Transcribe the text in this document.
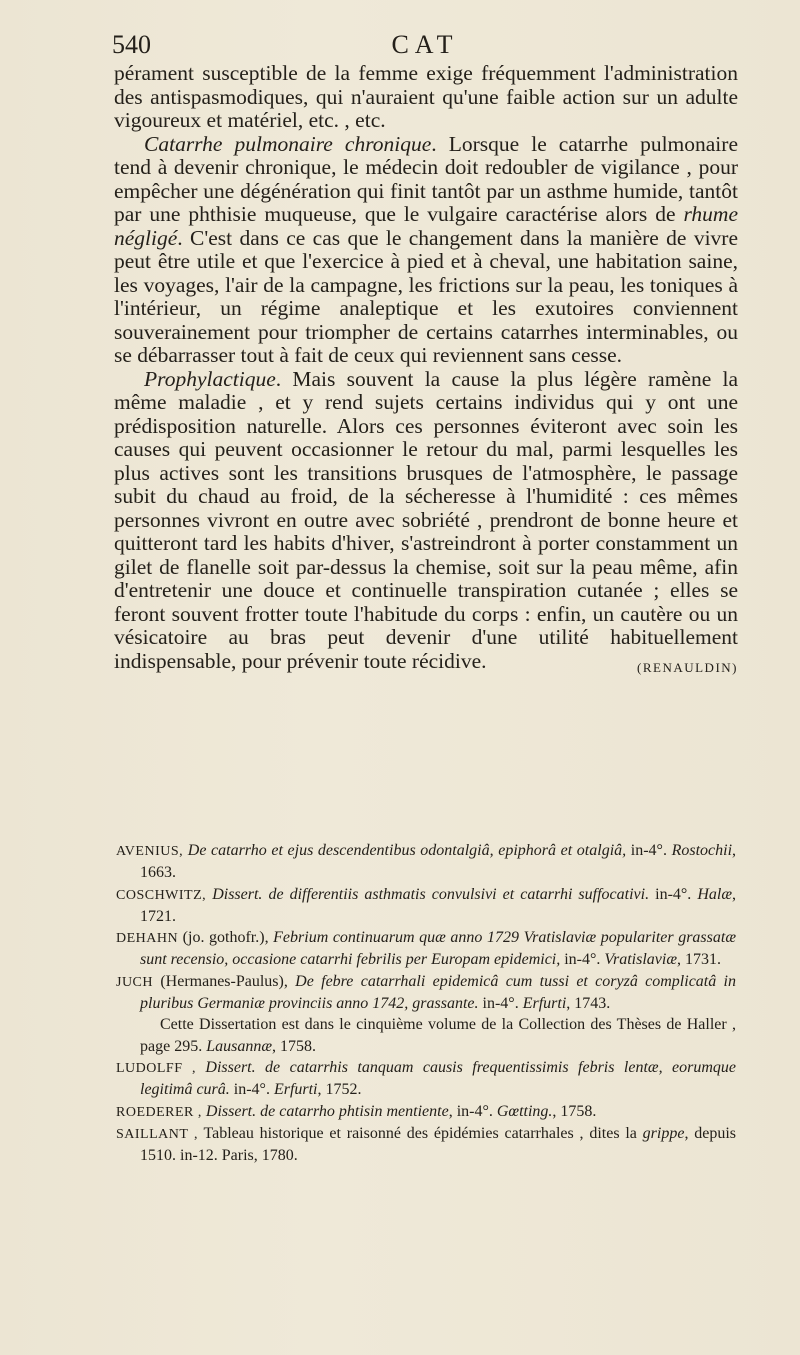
540	CAT

pérament susceptible de la femme exige fréquemment l'administration des antispasmodiques, qui n'auraient qu'une faible action sur un adulte vigoureux et matériel, etc. , etc.

Catarrhe pulmonaire chronique. Lorsque le catarrhe pulmonaire tend à devenir chronique, le médecin doit redoubler de vigilance , pour empêcher une dégénération qui finit tantôt par un asthme humide, tantôt par une phthisie muqueuse, que le vulgaire caractérise alors de rhume négligé. C'est dans ce cas que le changement dans la manière de vivre peut être utile et que l'exercice à pied et à cheval, une habitation saine, les voyages, l'air de la campagne, les frictions sur la peau, les toniques à l'intérieur, un régime analeptique et les exutoires conviennent souverainement pour triompher de certains catarrhes interminables, ou se débarrasser tout à fait de ceux qui reviennent sans cesse.

Prophylactique. Mais souvent la cause la plus légère ramène la même maladie , et y rend sujets certains individus qui y ont une prédisposition naturelle. Alors ces personnes éviteront avec soin les causes qui peuvent occasionner le retour du mal, parmi lesquelles les plus actives sont les transitions brusques de l'atmosphère, le passage subit du chaud au froid, de la sécheresse à l'humidité : ces mêmes personnes vivront en outre avec sobriété , prendront de bonne heure et quitteront tard les habits d'hiver, s'astreindront à porter constamment un gilet de flanelle soit par-dessus la chemise, soit sur la peau même, afin d'entretenir une douce et continuelle transpiration cutanée ; elles se feront souvent frotter toute l'habitude du corps : enfin, un cautère ou un vésicatoire au bras peut devenir d'une utilité habituellement indispensable, pour prévenir toute récidive.	(RENAULDIN)

AVENIUS, De catarrho et ejus descendentibus odontalgiâ, epiphorâ et otalgiâ, in-4°. Rostochii, 1663.

COSCHWITZ, Dissert. de differentiis asthmatis convulsivi et catarrhi suffocativi. in-4°. Halæ, 1721.

DEHAHN (jo. gothofr.), Febrium continuarum quæ anno 1729 Vratislaviæ populariter grassatæ sunt recensio, occasione catarrhi febrilis per Europam epidemici, in-4°. Vratislaviæ, 1731.

JUCH (Hermanes-Paulus), De febre catarrhali epidemicâ cum tussi et coryzâ complicatâ in pluribus Germaniæ provinciis anno 1742, grassante. in-4°. Erfurti, 1743.

Cette Dissertation est dans le cinquième volume de la Collection des Thèses de Haller , page 295. Lausannæ, 1758.

LUDOLFF , Dissert. de catarrhis tanquam causis frequentissimis febris lentæ, eorumque legitimâ curâ. in-4°. Erfurti, 1752.

ROEDERER , Dissert. de catarrho phtisin mentiente, in-4°. Gœtting., 1758.

SAILLANT , Tableau historique et raisonné des épidémies catarrhales , dites la grippe, depuis 1510. in-12. Paris, 1780.
